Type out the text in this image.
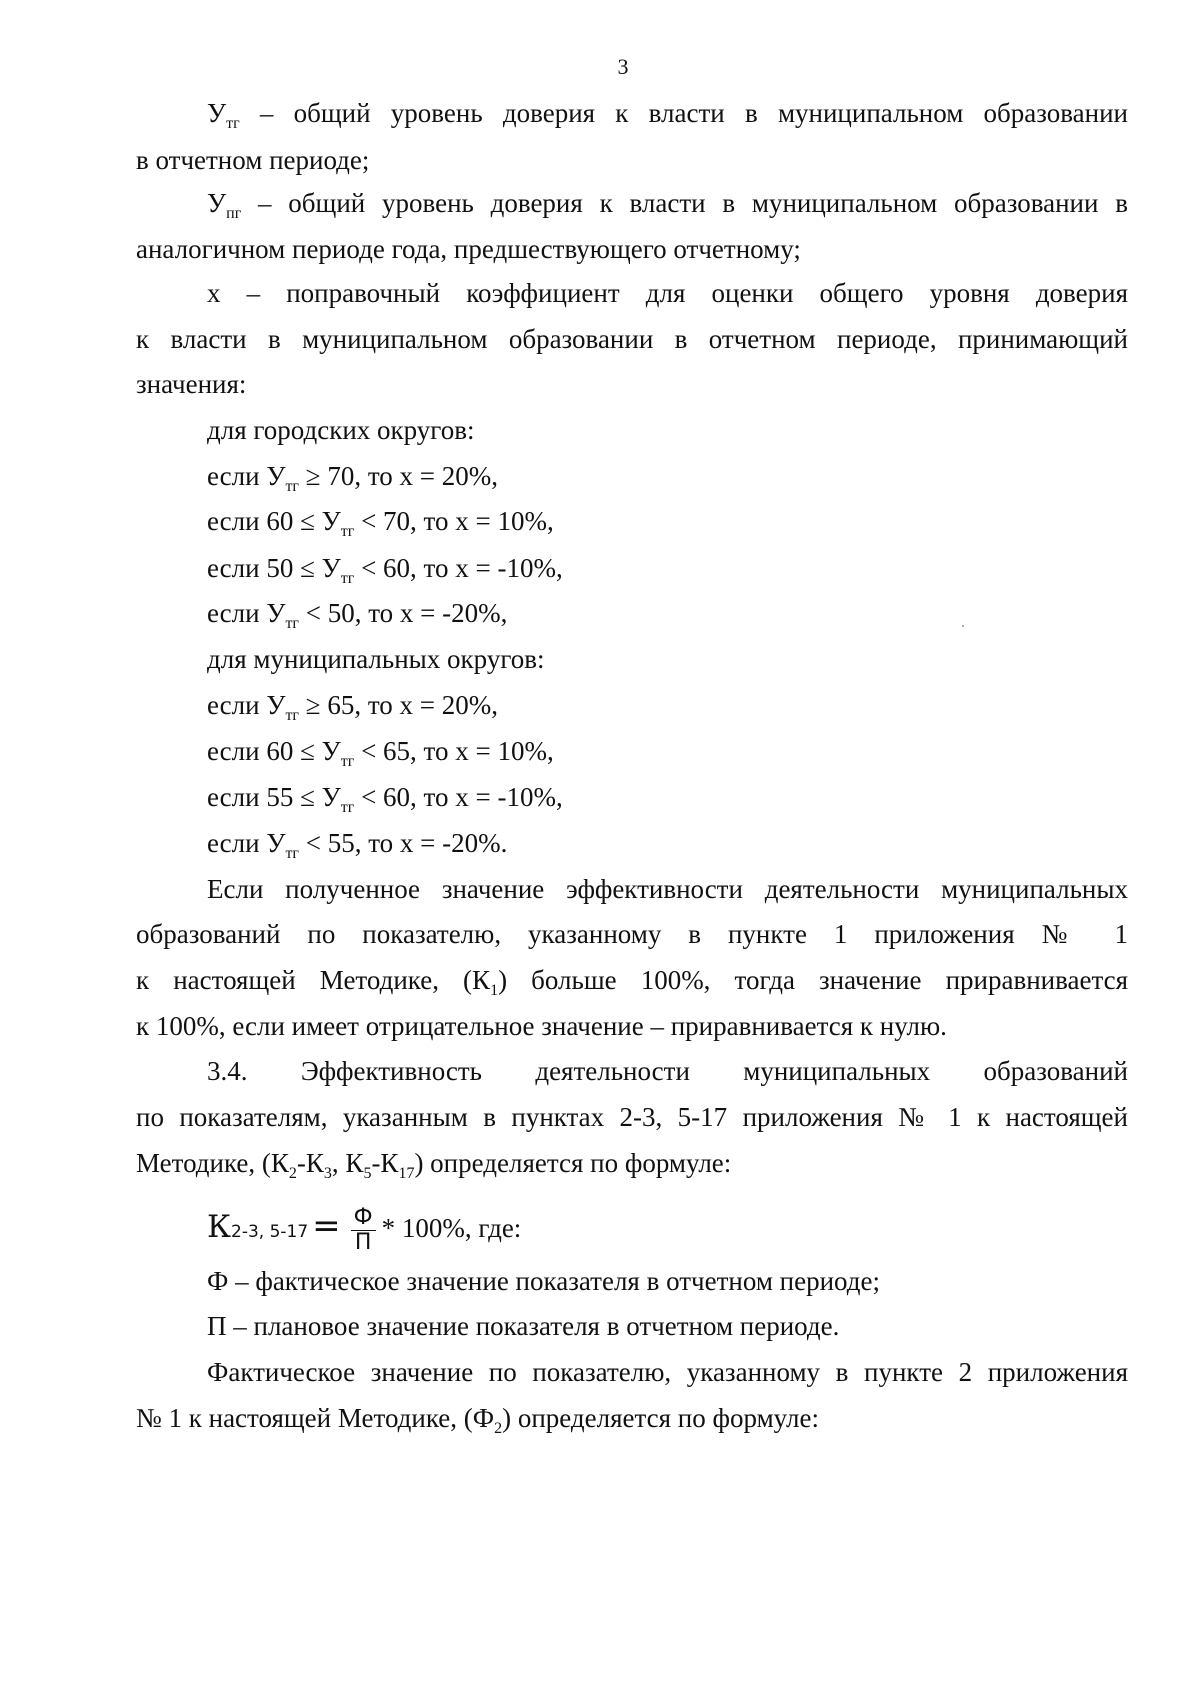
3
$У_{тг}$ – общий уровень доверия к власти в муниципальном образовании
в отчетном периоде;
$У_{пг}$ – общий уровень доверия к власти в муниципальном образовании в
аналогичном периоде года, предшествующего отчетному;
х – поправочный коэффициент для оценки общего уровня доверия
к власти в муниципальном образовании в отчетном периоде, принимающий
значения:
для городских округов:
если $У_{тг} \ge 70$, то х = 20%,
если $60 \le У_{тг} < 70$, то х = 10%,
если $50 \le У_{тг} < 60$, то х = -10%,
если $У_{тг} < 50$, то х = -20%,
для муниципальных округов:
если $У_{тг} \ge 65$, то х = 20%,
если $60 \le У_{тг} < 65$, то х = 10%,
если $55 \le У_{тг} < 60$, то х = -10%,
если $У_{тг} < 55$, то х = -20%.
Если полученное значение эффективности деятельности муниципальных
образований по показателю, указанному в пункте 1 приложения № 1
к настоящей Методике, $(К_1)$ больше 100%, тогда значение приравнивается
к 100%, если имеет отрицательное значение – приравнивается к нулю.
3.4. Эффективность деятельности муниципальных образований
по показателям, указанным в пунктах 2-3, 5-17 приложения № 1 к настоящей
Методике, ($К_2-К_3$, $К_5-К_{17}$) определяется по формуле:
К2-3, $5-17 = \frac{Ф}{П} * 100\%$, где:
Ф – фактическое значение показателя в отчетном периоде;
П – плановое значение показателя в отчетном периоде.
Фактическое значение по показателю, указанному в пункте 2 приложения
№ 1 к настоящей Методике, $(Ф_2)$ определяется по формуле:
